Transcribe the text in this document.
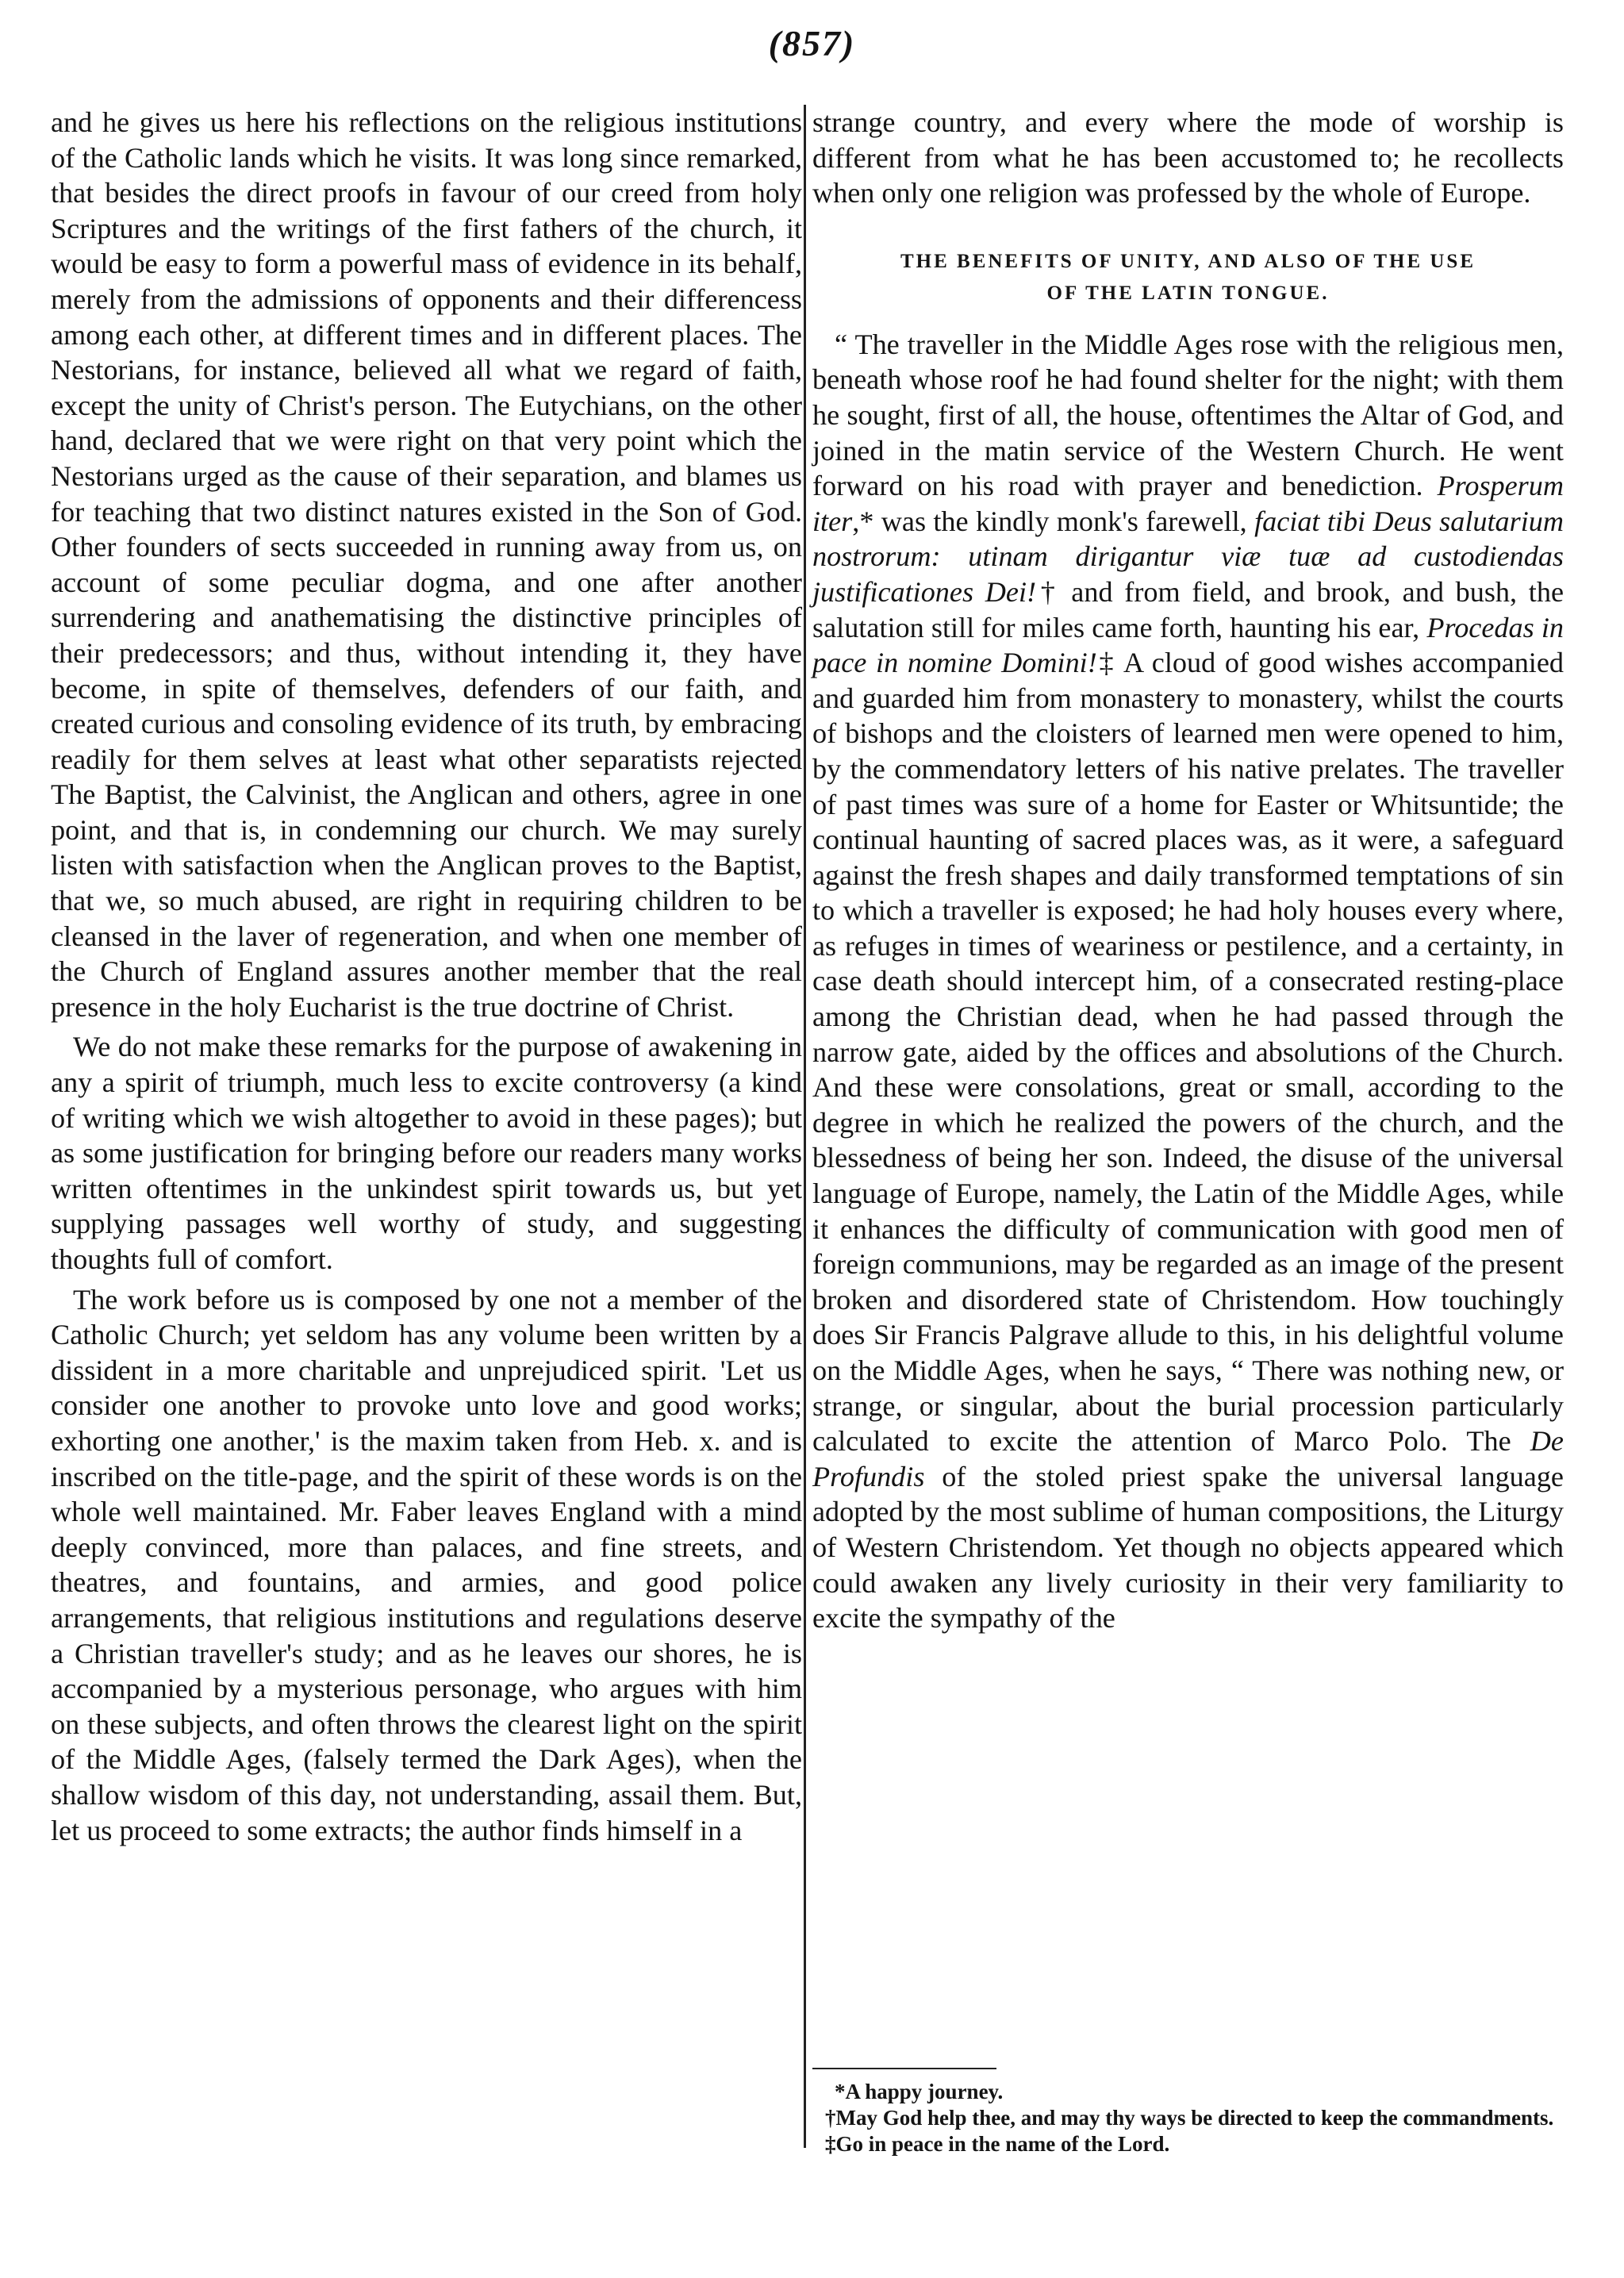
(857)

and he gives us here his reflections on the religious institutions of the Catholic lands which he visits. It was long since remarked, that besides the direct proofs in favour of our creed from holy Scriptures and the writings of the first fathers of the church, it would be easy to form a powerful mass of evidence in its behalf, merely from the admissions of opponents and their differencess among each other, at different times and in different places. The Nestorians, for instance, believed all what we regard of faith, except the unity of Christ's person. The Eutychians, on the other hand, declared that we were right on that very point which the Nestorians urged as the cause of their separation, and blames us for teaching that two distinct natures existed in the Son of God. Other founders of sects succeeded in running away from us, on account of some peculiar dogma, and one after another surrendering and anathematising the distinctive principles of their predecessors; and thus, without intending it, they have become, in spite of themselves, defenders of our faith, and created curious and consoling evidence of its truth, by embracing readily for them selves at least what other separatists rejected The Baptist, the Calvinist, the Anglican and others, agree in one point, and that is, in condemning our church. We may surely listen with satisfaction when the Anglican proves to the Baptist, that we, so much abused, are right in requiring children to be cleansed in the laver of regeneration, and when one member of the Church of England assures another member that the real presence in the holy Eucharist is the true doctrine of Christ.

We do not make these remarks for the purpose of awakening in any a spirit of triumph, much less to excite controversy (a kind of writing which we wish altogether to avoid in these pages); but as some justification for bringing before our readers many works written oftentimes in the unkindest spirit towards us, but yet supplying passages well worthy of study, and suggesting thoughts full of comfort.

The work before us is composed by one not a member of the Catholic Church; yet seldom has any volume been written by a dissident in a more charitable and unprejudiced spirit. 'Let us consider one another to provoke unto love and good works; exhorting one another,' is the maxim taken from Heb. x. and is inscribed on the title-page, and the spirit of these words is on the whole well maintained. Mr. Faber leaves England with a mind deeply convinced, more than palaces, and fine streets, and theatres, and fountains, and armies, and good police arrangements, that religious institutions and regulations deserve a Christian traveller's study; and as he leaves our shores, he is accompanied by a mysterious personage, who argues with him on these subjects, and often throws the clearest light on the spirit of the Middle Ages, (falsely termed the Dark Ages), when the shallow wisdom of this day, not understanding, assail them. But, let us proceed to some extracts; the author finds himself in a

strange country, and every where the mode of worship is different from what he has been accustomed to; he recollects when only one religion was professed by the whole of Europe.

THE BENEFITS OF UNITY, AND ALSO OF THE USE
OF THE LATIN TONGUE.

“ The traveller in the Middle Ages rose with the religious men, beneath whose roof he had found shelter for the night; with them he sought, first of all, the house, oftentimes the Altar of God, and joined in the matin service of the Western Church. He went forward on his road with prayer and benediction. Prosperum iter,* was the kindly monk's farewell, faciat tibi Deus salutarium nostrorum: utinam dirigantur viæ tuæ ad custodiendas justificationes Dei!† and from field, and brook, and bush, the salutation still for miles came forth, haunting his ear, Procedas in pace in nomine Domini!‡ A cloud of good wishes accompanied and guarded him from monastery to monastery, whilst the courts of bishops and the cloisters of learned men were opened to him, by the commendatory letters of his native prelates. The traveller of past times was sure of a home for Easter or Whitsuntide; the continual haunting of sacred places was, as it were, a safeguard against the fresh shapes and daily transformed temptations of sin to which a traveller is exposed; he had holy houses every where, as refuges in times of weariness or pestilence, and a certainty, in case death should intercept him, of a consecrated resting-place among the Christian dead, when he had passed through the narrow gate, aided by the offices and absolutions of the Church. And these were consolations, great or small, according to the degree in which he realized the powers of the church, and the blessedness of being her son. Indeed, the disuse of the universal language of Europe, namely, the Latin of the Middle Ages, while it enhances the difficulty of communication with good men of foreign communions, may be regarded as an image of the present broken and disordered state of Christendom. How touchingly does Sir Francis Palgrave allude to this, in his delightful volume on the Middle Ages, when he says, “ There was nothing new, or strange, or singular, about the burial procession particularly calculated to excite the attention of Marco Polo. The De Profundis of the stoled priest spake the universal language adopted by the most sublime of human compositions, the Liturgy of Western Christendom. Yet though no objects appeared which could awaken any lively curiosity in their very familiarity to excite the sympathy of the

*A happy journey.

†May God help thee, and may thy ways be directed to keep the commandments.

‡Go in peace in the name of the Lord.
